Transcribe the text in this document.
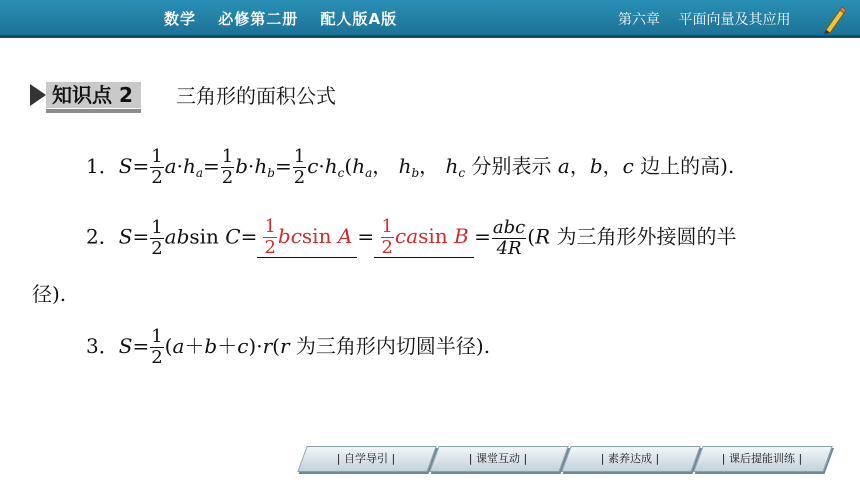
数学 必修第二册 配人版A版	第六章 平面向量及其应用
知识点 2	三角形的面积公式
1．$S= \frac{1}{2} a\cdot h_a= \frac{1}{2} b\cdot h_b= \frac{1}{2} c\cdot h_c(h_a$， $h_b$， $h_c$ 分别表示 a，b，c 边上的高).
2．$S= \frac{1}{2}$ absin $C= \frac{1}{2}$ bcsin $A = \frac{1}{2}$ casin $B = \frac{\text{abc}}{4R} (R$ 为三角形外接圆的半
径).
3．$S= \frac{1}{2} (a+b+c)\cdot r(r$ 为三角形内切圆半径).
| 自学导引 |	| 课堂互动 |	| 素养达成 |	| 课后提能训练 |
